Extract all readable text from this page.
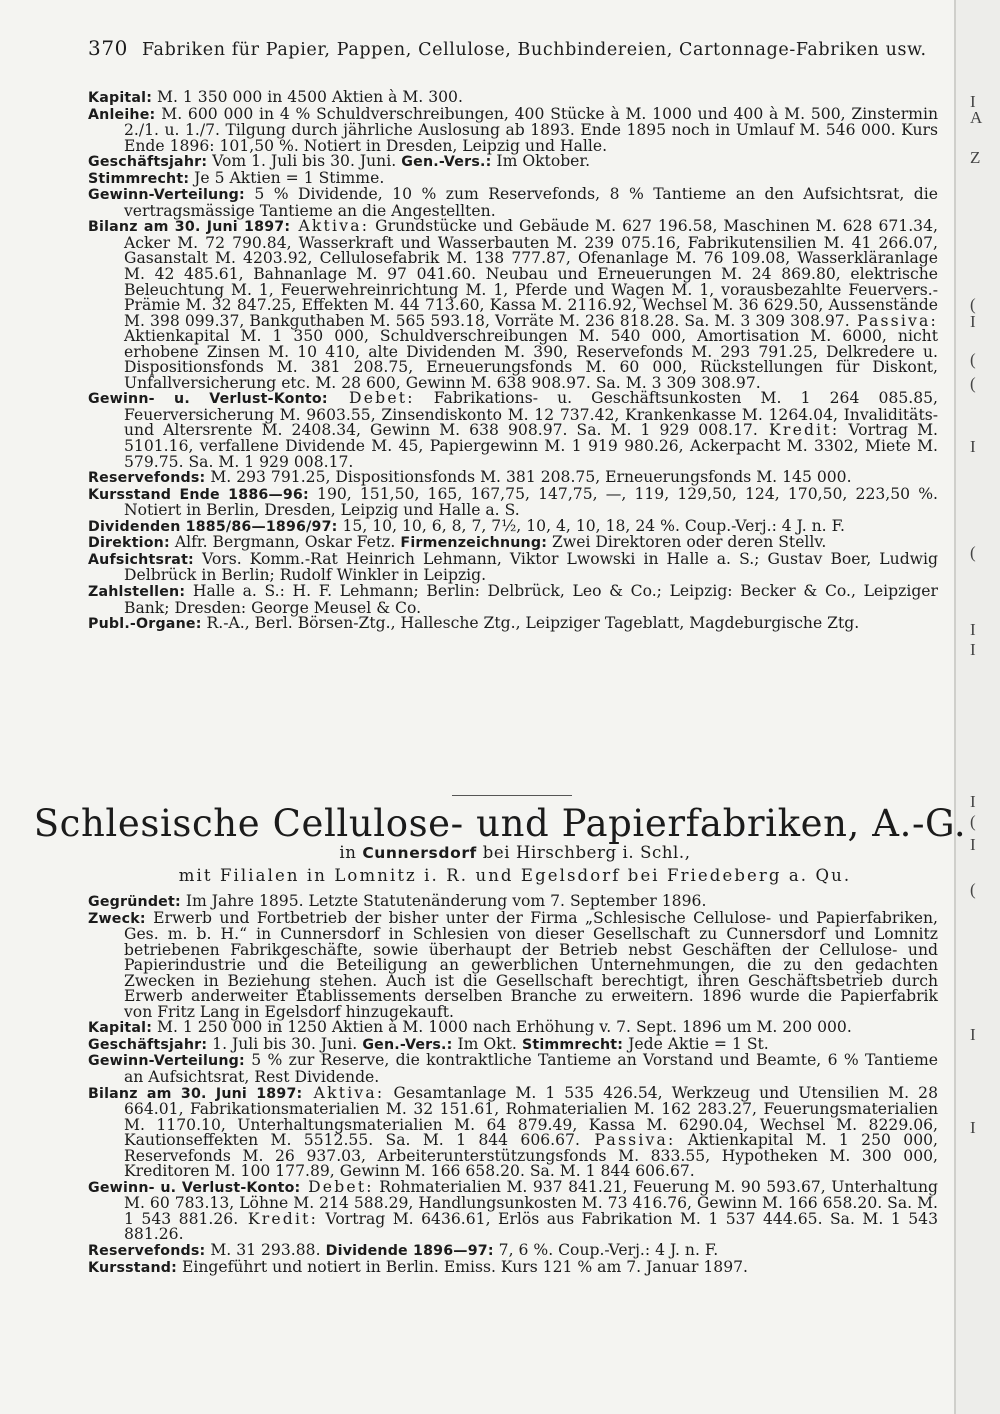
I
A
Z
(
I
(
(
I
(
I
I
I
(
I
(
I
I
370 Fabriken für Papier, Pappen, Cellulose, Buchbindereien, Cartonnage-Fabriken usw.

Kapital: M. 1 350 000 in 4500 Aktien à M. 300.

Anleihe: M. 600 000 in 4 % Schuldverschreibungen, 400 Stücke à M. 1000 und 400 à M. 500, Zinstermin 2./1. u. 1./7. Tilgung durch jährliche Auslosung ab 1893. Ende 1895 noch in Umlauf M. 546 000. Kurs Ende 1896: 101,50 %. Notiert in Dresden, Leipzig und Halle.

Geschäftsjahr: Vom 1. Juli bis 30. Juni. Gen.-Vers.: Im Oktober.

Stimmrecht: Je 5 Aktien = 1 Stimme.

Gewinn-Verteilung: 5 % Dividende, 10 % zum Reservefonds, 8 % Tantieme an den Aufsichtsrat, die vertragsmässige Tantieme an die Angestellten.

Bilanz am 30. Juni 1897: Aktiva: Grundstücke und Gebäude M. 627 196.58, Maschinen M. 628 671.34, Acker M. 72 790.84, Wasserkraft und Wasserbauten M. 239 075.16, Fabrikutensilien M. 41 266.07, Gasanstalt M. 4203.92, Cellulosefabrik M. 138 777.87, Ofenanlage M. 76 109.08, Wasserkläranlage M. 42 485.61, Bahnanlage M. 97 041.60. Neubau und Erneuerungen M. 24 869.80, elektrische Beleuchtung M. 1, Feuerwehreinrichtung M. 1, Pferde und Wagen M. 1, vorausbezahlte Feuervers.-Prämie M. 32 847.25, Effekten M. 44 713.60, Kassa M. 2116.92, Wechsel M. 36 629.50, Aussenstände M. 398 099.37, Bankguthaben M. 565 593.18, Vorräte M. 236 818.28. Sa. M. 3 309 308.97. Passiva: Aktienkapital M. 1 350 000, Schuldverschreibungen M. 540 000, Amortisation M. 6000, nicht erhobene Zinsen M. 10 410, alte Dividenden M. 390, Reservefonds M. 293 791.25, Delkredere u. Dispositionsfonds M. 381 208.75, Erneuerungsfonds M. 60 000, Rückstellungen für Diskont, Unfallversicherung etc. M. 28 600, Gewinn M. 638 908.97. Sa. M. 3 309 308.97.

Gewinn- u. Verlust-Konto: Debet: Fabrikations- u. Geschäftsunkosten M. 1 264 085.85, Feuerversicherung M. 9603.55, Zinsendiskonto M. 12 737.42, Krankenkasse M. 1264.04, Invaliditäts- und Altersrente M. 2408.34, Gewinn M. 638 908.97. Sa. M. 1 929 008.17. Kredit: Vortrag M. 5101.16, verfallene Dividende M. 45, Papiergewinn M. 1 919 980.26, Ackerpacht M. 3302, Miete M. 579.75. Sa. M. 1 929 008.17.

Reservefonds: M. 293 791.25, Dispositionsfonds M. 381 208.75, Erneuerungsfonds M. 145 000.

Kursstand Ende 1886—96: 190, 151,50, 165, 167,75, 147,75, —, 119, 129,50, 124, 170,50, 223,50 %. Notiert in Berlin, Dresden, Leipzig und Halle a. S.

Dividenden 1885/86—1896/97: 15, 10, 10, 6, 8, 7, 7½, 10, 4, 10, 18, 24 %. Coup.-Verj.: 4 J. n. F.

Direktion: Alfr. Bergmann, Oskar Fetz. Firmenzeichnung: Zwei Direktoren oder deren Stellv.

Aufsichtsrat: Vors. Komm.-Rat Heinrich Lehmann, Viktor Lwowski in Halle a. S.; Gustav Boer, Ludwig Delbrück in Berlin; Rudolf Winkler in Leipzig.

Zahlstellen: Halle a. S.: H. F. Lehmann; Berlin: Delbrück, Leo & Co.; Leipzig: Becker & Co., Leipziger Bank; Dresden: George Meusel & Co.

Publ.-Organe: R.-A., Berl. Börsen-Ztg., Hallesche Ztg., Leipziger Tageblatt, Magdeburgische Ztg.

Schlesische Cellulose- und Papierfabriken, A.-G.
in Cunnersdorf bei Hirschberg i. Schl.,
mit Filialen in Lomnitz i. R. und Egelsdorf bei Friedeberg a. Qu.

Gegründet: Im Jahre 1895. Letzte Statutenänderung vom 7. September 1896.

Zweck: Erwerb und Fortbetrieb der bisher unter der Firma „Schlesische Cellulose- und Papierfabriken, Ges. m. b. H.“ in Cunnersdorf in Schlesien von dieser Gesellschaft zu Cunnersdorf und Lomnitz betriebenen Fabrikgeschäfte, sowie überhaupt der Betrieb nebst Geschäften der Cellulose- und Papierindustrie und die Beteiligung an gewerblichen Unternehmungen, die zu den gedachten Zwecken in Beziehung stehen. Auch ist die Gesellschaft berechtigt, ihren Geschäftsbetrieb durch Erwerb anderweiter Etablissements derselben Branche zu erweitern. 1896 wurde die Papierfabrik von Fritz Lang in Egelsdorf hinzugekauft.

Kapital: M. 1 250 000 in 1250 Aktien à M. 1000 nach Erhöhung v. 7. Sept. 1896 um M. 200 000.

Geschäftsjahr: 1. Juli bis 30. Juni. Gen.-Vers.: Im Okt. Stimmrecht: Jede Aktie = 1 St.

Gewinn-Verteilung: 5 % zur Reserve, die kontraktliche Tantieme an Vorstand und Beamte, 6 % Tantieme an Aufsichtsrat, Rest Dividende.

Bilanz am 30. Juni 1897: Aktiva: Gesamtanlage M. 1 535 426.54, Werkzeug und Utensilien M. 28 664.01, Fabrikationsmaterialien M. 32 151.61, Rohmaterialien M. 162 283.27, Feuerungsmaterialien M. 1170.10, Unterhaltungsmaterialien M. 64 879.49, Kassa M. 6290.04, Wechsel M. 8229.06, Kautionseffekten M. 5512.55. Sa. M. 1 844 606.67. Passiva: Aktienkapital M. 1 250 000, Reservefonds M. 26 937.03, Arbeiterunterstützungsfonds M. 833.55, Hypotheken M. 300 000, Kreditoren M. 100 177.89, Gewinn M. 166 658.20. Sa. M. 1 844 606.67.

Gewinn- u. Verlust-Konto: Debet: Rohmaterialien M. 937 841.21, Feuerung M. 90 593.67, Unterhaltung M. 60 783.13, Löhne M. 214 588.29, Handlungsunkosten M. 73 416.76, Gewinn M. 166 658.20. Sa. M. 1 543 881.26. Kredit: Vortrag M. 6436.61, Erlös aus Fabrikation M. 1 537 444.65. Sa. M. 1 543 881.26.

Reservefonds: M. 31 293.88. Dividende 1896—97: 7, 6 %. Coup.-Verj.: 4 J. n. F.

Kursstand: Eingeführt und notiert in Berlin. Emiss. Kurs 121 % am 7. Januar 1897.
